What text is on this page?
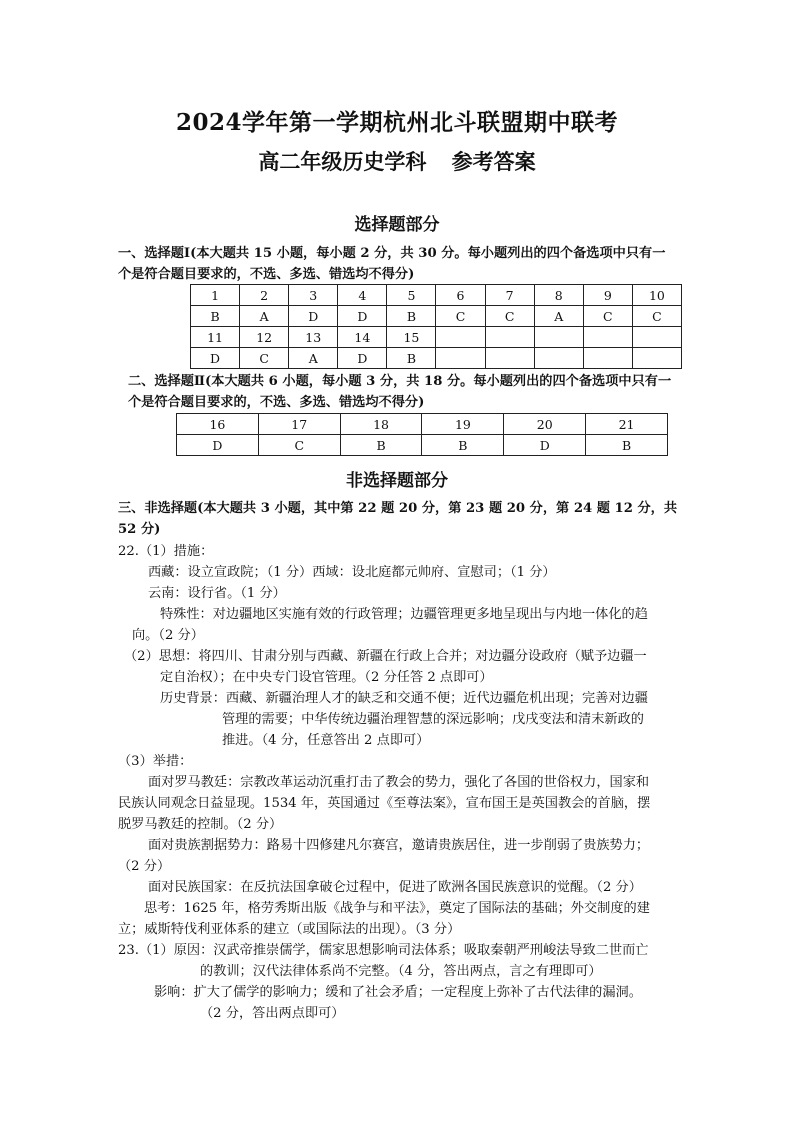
2024学年第一学期杭州北斗联盟期中联考
高二年级历史学科 参考答案
选择题部分
一、选择题Ⅰ(本大题共 15 小题，每小题 2 分，共 30 分。每小题列出的四个备选项中只有一个是符合题目要求的，不选、多选、错选均不得分)
1	2	3	4	5	6	7	8	9	10
B	A	D	D	B	C	C	A	C	C
11	12	13	14	15					
D	C	A	D	B					
二、选择题Ⅱ(本大题共 6 小题，每小题 3 分，共 18 分。每小题列出的四个备选项中只有一个是符合题目要求的，不选、多选、错选均不得分)
16	17	18	19	20	21
D	C	B	B	D	B
非选择题部分
三、非选择题(本大题共 3 小题，其中第 22 题 20 分，第 23 题 20 分，第 24 题 12 分，共 52 分)
22.（1）措施：
西藏：设立宣政院；（1 分）西域：设北庭都元帅府、宣慰司；（1 分）
云南：设行省。（1 分）
特殊性：对边疆地区实施有效的行政管理；边疆管理更多地呈现出与内地一体化的趋
向。（2 分）
（2）思想：将四川、甘肃分别与西藏、新疆在行政上合并；对边疆分设政府（赋予边疆一
定自治权）；在中央专门设官管理。（2 分任答 2 点即可）
历史背景：西藏、新疆治理人才的缺乏和交通不便；近代边疆危机出现；完善对边疆
管理的需要；中华传统边疆治理智慧的深远影响；戊戌变法和清末新政的
推进。（4 分，任意答出 2 点即可）
（3）举措：
面对罗马教廷：宗教改革运动沉重打击了教会的势力，强化了各国的世俗权力，国家和
民族认同观念日益显现。1534 年，英国通过《至尊法案》，宣布国王是英国教会的首脑，摆
脱罗马教廷的控制。（2 分）
面对贵族割据势力：路易十四修建凡尔赛宫，邀请贵族居住，进一步削弱了贵族势力；
（2 分）
面对民族国家：在反抗法国拿破仑过程中，促进了欧洲各国民族意识的觉醒。（2 分）
思考：1625 年，格劳秀斯出版《战争与和平法》，奠定了国际法的基础；外交制度的建
立；威斯特伐利亚体系的建立（或国际法的出现）。（3 分）
23.（1）原因：汉武帝推崇儒学，儒家思想影响司法体系；吸取秦朝严刑峻法导致二世而亡
的教训；汉代法律体系尚不完整。（4 分，答出两点，言之有理即可）
影响：扩大了儒学的影响力；缓和了社会矛盾；一定程度上弥补了古代法律的漏洞。
（2 分，答出两点即可）
